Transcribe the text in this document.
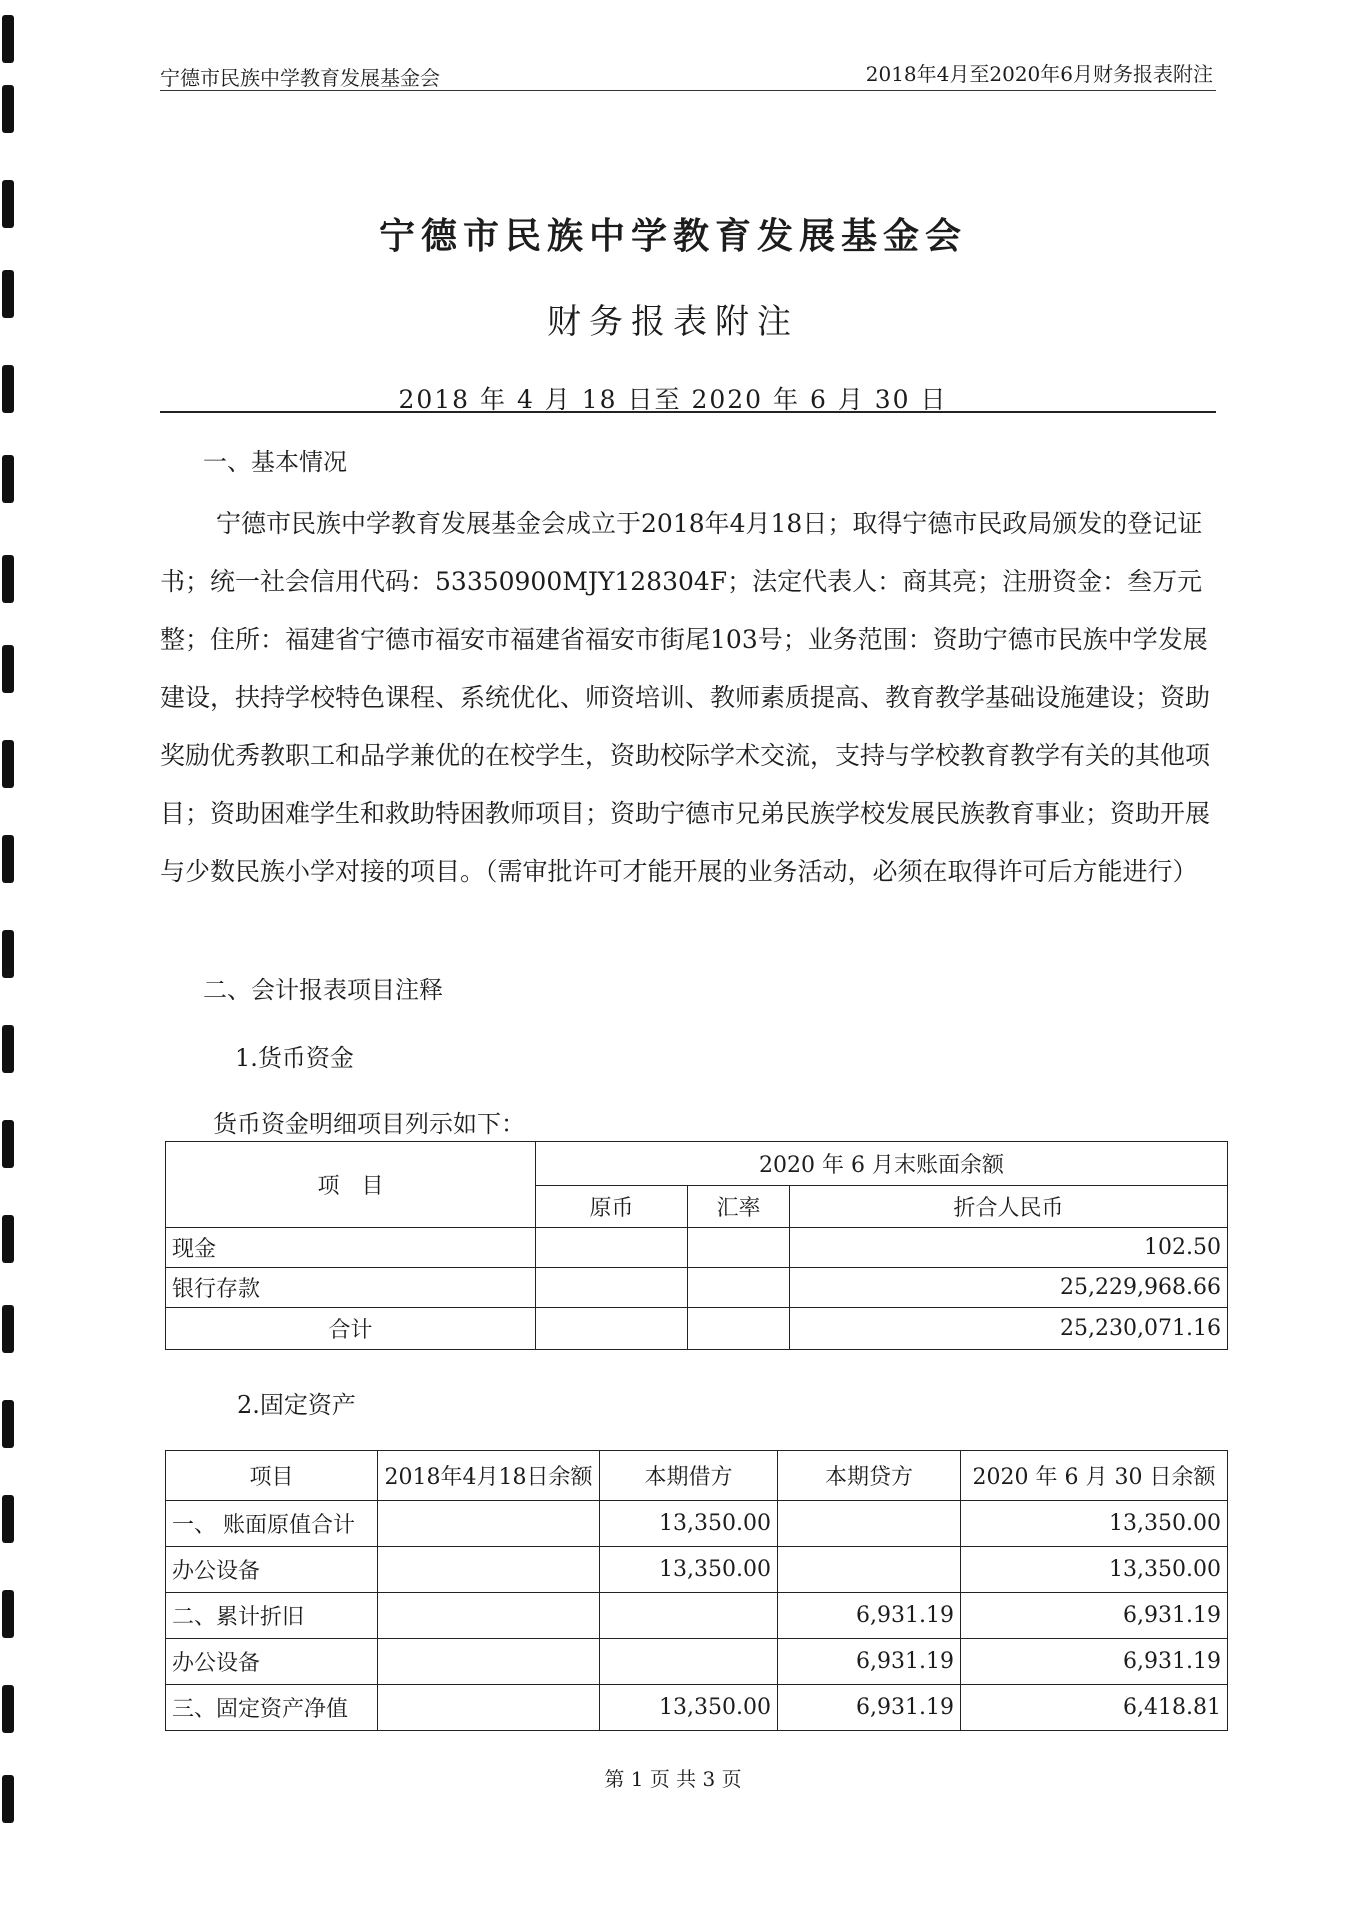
宁德市民族中学教育发展基金会	2018年4月至2020年6月财务报表附注
宁德市民族中学教育发展基金会
财务报表附注
2018 年 4 月 18 日至 2020 年 6 月 30 日
一、基本情况
宁德市民族中学教育发展基金会成立于2018年4月18日；取得宁德市民政局颁发的登记证书；统一社会信用代码：53350900MJY128304F；法定代表人：商其亮；注册资金：叁万元整；住所：福建省宁德市福安市福建省福安市街尾103号；业务范围：资助宁德市民族中学发展建设，扶持学校特色课程、系统优化、师资培训、教师素质提高、教育教学基础设施建设；资助奖励优秀教职工和品学兼优的在校学生，资助校际学术交流，支持与学校教育教学有关的其他项目；资助困难学生和救助特困教师项目；资助宁德市兄弟民族学校发展民族教育事业；资助开展与少数民族小学对接的项目。（需审批许可才能开展的业务活动，必须在取得许可后方能进行）
二、会计报表项目注释
1.货币资金
货币资金明细项目列示如下：
项　目	2020 年 6 月末账面余额		
	原币	汇率	折合人民币
现金			102.50
银行存款			25,229,968.66
合计			25,230,071.16
2.固定资产
项目	2018年4月18日余额	本期借方	本期贷方	2020 年 6 月 30 日余额
一、 账面原值合计		13,350.00		13,350.00
办公设备		13,350.00		13,350.00
二、累计折旧			6,931.19	6,931.19
办公设备			6,931.19	6,931.19
三、固定资产净值		13,350.00	6,931.19	6,418.81
第 1 页 共 3 页
